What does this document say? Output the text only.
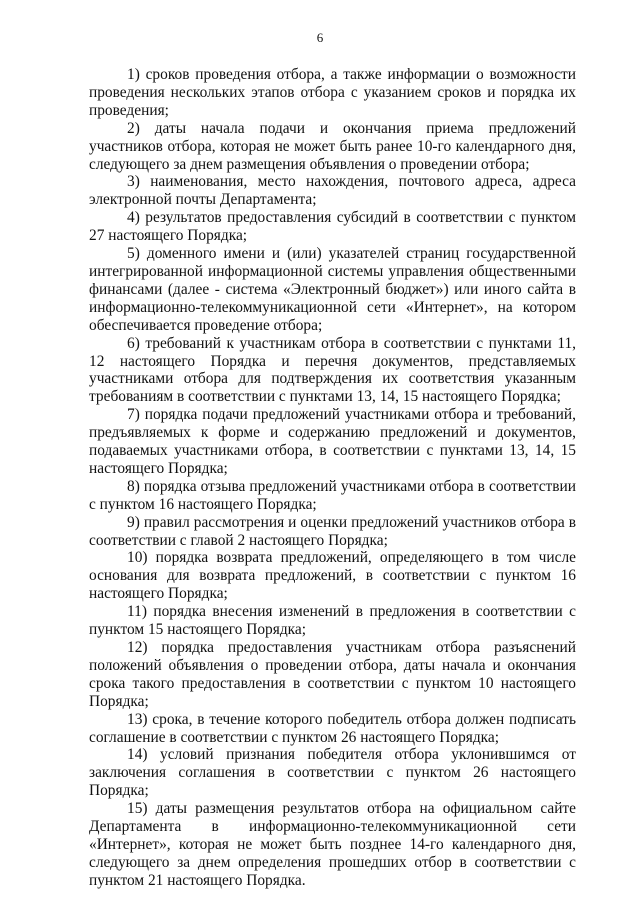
6

1) сроков проведения отбора, а также информации о возможности проведения нескольких этапов отбора с указанием сроков и порядка их проведения;

2) даты начала подачи и окончания приема предложений участников отбора, которая не может быть ранее 10-го календарного дня, следующего за днем размещения объявления о проведении отбора;

3) наименования, место нахождения, почтового адреса, адреса электронной почты Департамента;

4) результатов предоставления субсидий в соответствии с пунктом 27 настоящего Порядка;

5) доменного имени и (или) указателей страниц государственной интегрированной информационной системы управления общественными финансами (далее - система «Электронный бюджет») или иного сайта в информационно-телекоммуникационной сети «Интернет», на котором обеспечивается проведение отбора;

6) требований к участникам отбора в соответствии с пунктами 11, 12 настоящего Порядка и перечня документов, представляемых участниками отбора для подтверждения их соответствия указанным требованиям в соответствии с пунктами 13, 14, 15 настоящего Порядка;

7) порядка подачи предложений участниками отбора и требований, предъявляемых к форме и содержанию предложений и документов, подаваемых участниками отбора, в соответствии с пунктами 13, 14, 15 настоящего Порядка;

8) порядка отзыва предложений участниками отбора в соответствии с пунктом 16 настоящего Порядка;

9) правил рассмотрения и оценки предложений участников отбора в соответствии с главой 2 настоящего Порядка;

10) порядка возврата предложений, определяющего в том числе основания для возврата предложений, в соответствии с пунктом 16 настоящего Порядка;

11) порядка внесения изменений в предложения в соответствии с пунктом 15 настоящего Порядка;

12) порядка предоставления участникам отбора разъяснений положений объявления о проведении отбора, даты начала и окончания срока такого предоставления в соответствии с пунктом 10 настоящего Порядка;

13) срока, в течение которого победитель отбора должен подписать соглашение в соответствии с пунктом 26 настоящего Порядка;

14) условий признания победителя отбора уклонившимся от заключения соглашения в соответствии с пунктом 26 настоящего Порядка;

15) даты размещения результатов отбора на официальном сайте Департамента в информационно-телекоммуникационной сети «Интернет», которая не может быть позднее 14-го календарного дня, следующего за днем определения прошедших отбор в соответствии с пунктом 21 настоящего Порядка.
